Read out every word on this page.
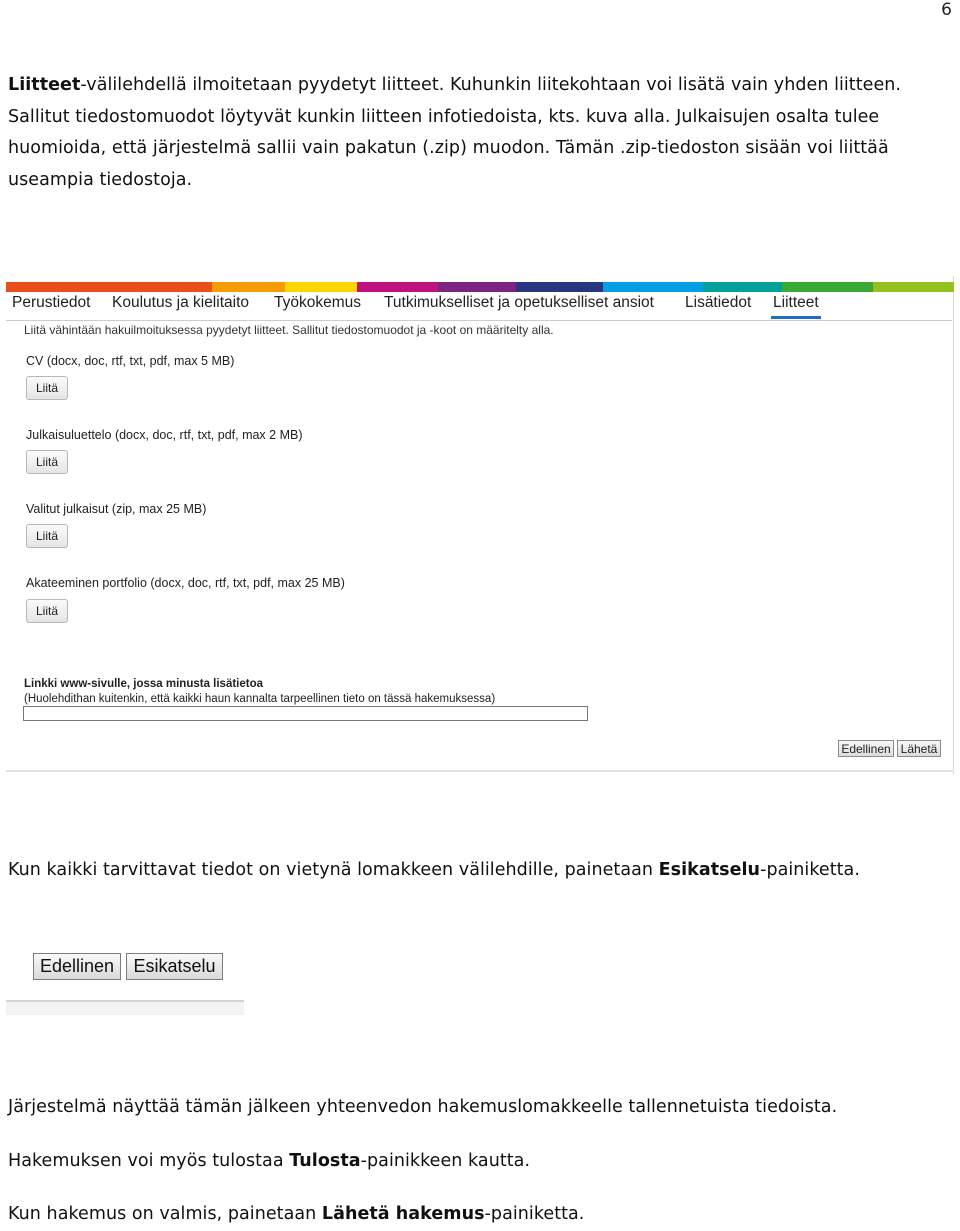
6
Liitteet-välilehdellä ilmoitetaan pyydetyt liitteet. Kuhunkin liitekohtaan voi lisätä vain yhden liitteen.
Sallitut tiedostomuodot löytyvät kunkin liitteen infotiedoista, kts. kuva alla. Julkaisujen osalta tulee
huomioida, että järjestelmä sallii vain pakatun (.zip) muodon. Tämän .zip-tiedoston sisään voi liittää
useampia tiedostoja.
Perustiedot Koulutus ja kielitaito Työkokemus Tutkimukselliset ja opetukselliset ansiot Lisätiedot Liitteet
Liitä vähintään hakuilmoituksessa pyydetyt liitteet. Sallitut tiedostomuodot ja -koot on määritelty alla.
CV (docx, doc, rtf, txt, pdf, max 5 MB)
Liitä
Julkaisuluettelo (docx, doc, rtf, txt, pdf, max 2 MB)
Liitä
Valitut julkaisut (zip, max 25 MB)
Liitä
Akateeminen portfolio (docx, doc, rtf, txt, pdf, max 25 MB)
Liitä
Linkki www-sivulle, jossa minusta lisätietoa
(Huolehdithan kuitenkin, että kaikki haun kannalta tarpeellinen tieto on tässä hakemuksessa)
Edellinen Lähetä
Kun kaikki tarvittavat tiedot on vietynä lomakkeen välilehdille, painetaan Esikatselu-painiketta.
Edellinen	Esikatselu
Järjestelmä näyttää tämän jälkeen yhteenvedon hakemuslomakkeelle tallennetuista tiedoista.
Hakemuksen voi myös tulostaa Tulosta-painikkeen kautta.
Kun hakemus on valmis, painetaan Lähetä hakemus-painiketta.
